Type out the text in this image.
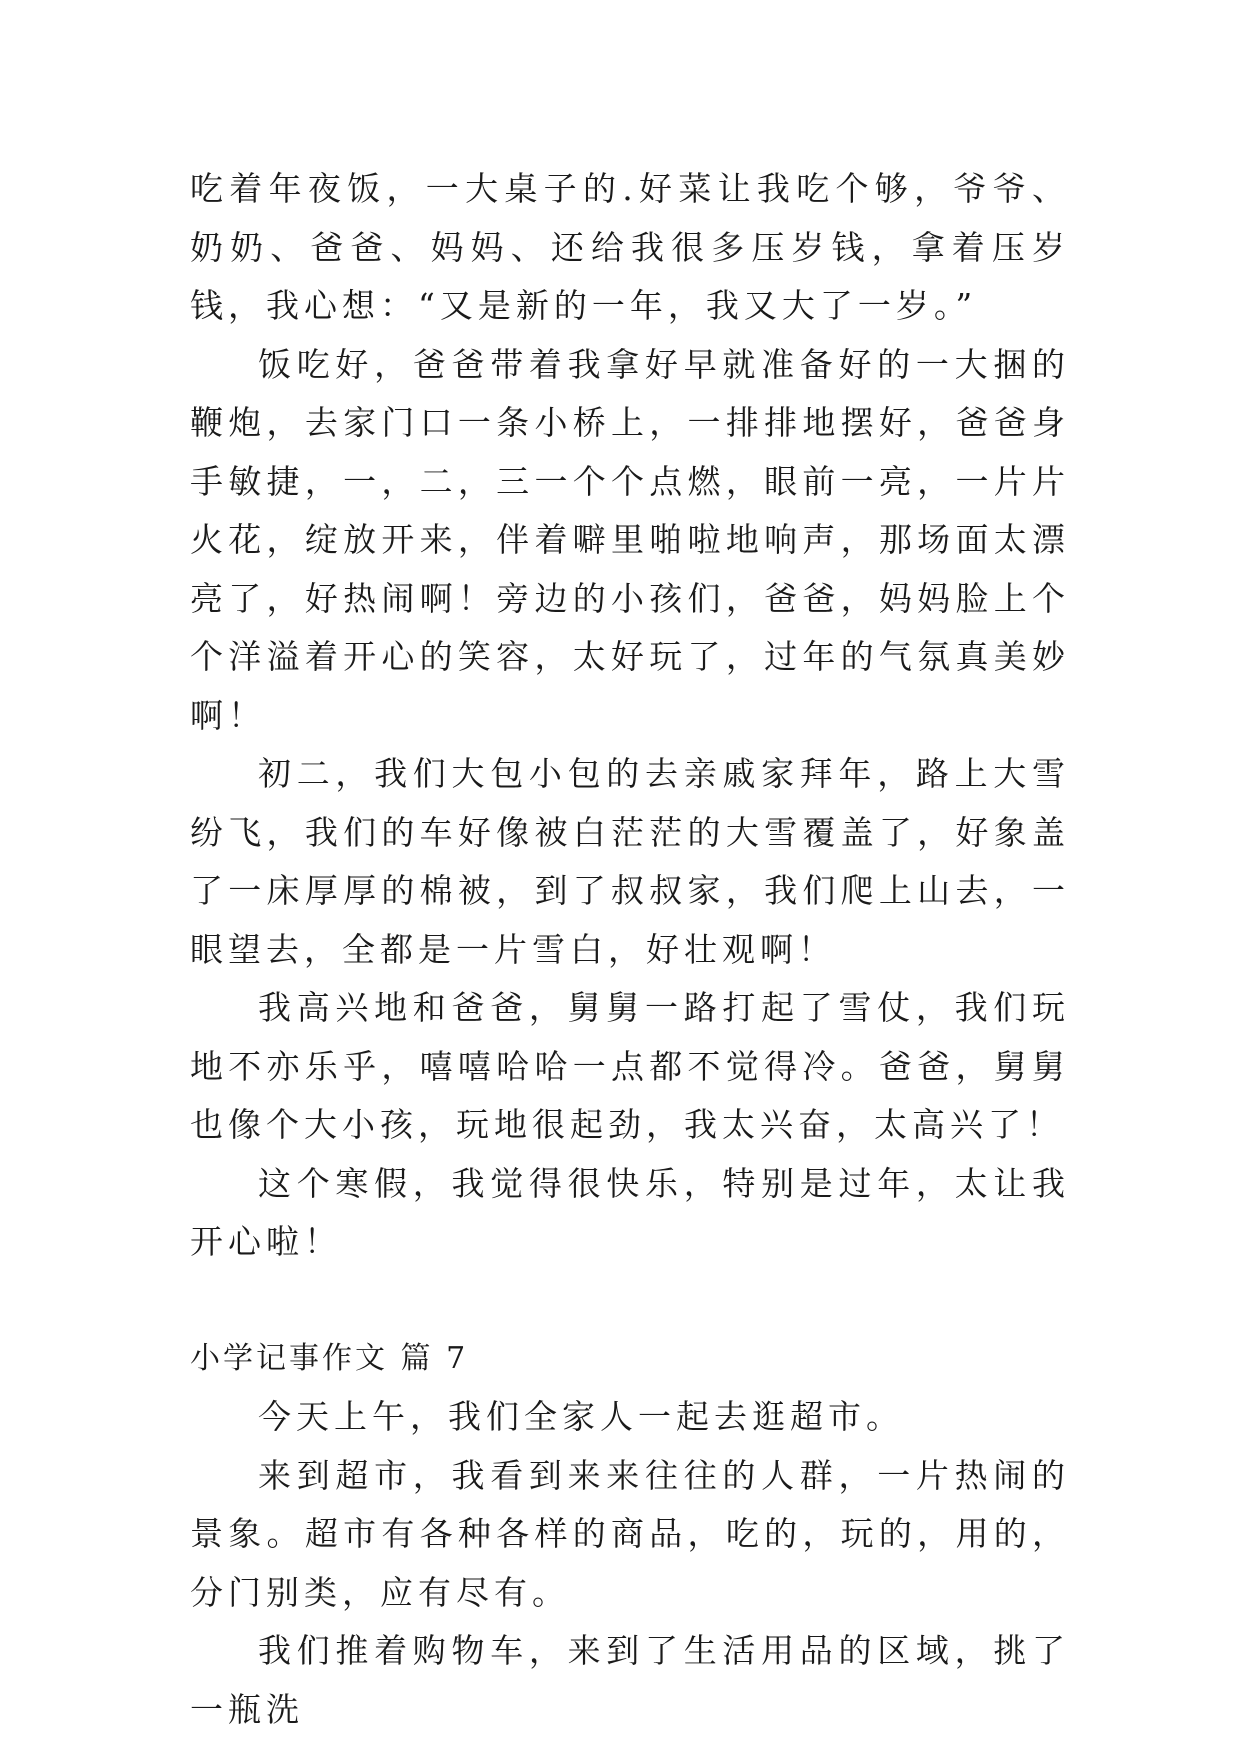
吃着年夜饭，一大桌子的.好菜让我吃个够，爷爷、奶奶、爸爸、妈妈、还给我很多压岁钱，拿着压岁钱，我心想：“又是新的一年，我又大了一岁。”

饭吃好，爸爸带着我拿好早就准备好的一大捆的鞭炮，去家门口一条小桥上，一排排地摆好，爸爸身手敏捷，一，二，三一个个点燃，眼前一亮，一片片火花，绽放开来，伴着噼里啪啦地响声，那场面太漂亮了，好热闹啊！旁边的小孩们，爸爸，妈妈脸上个个洋溢着开心的笑容，太好玩了，过年的气氛真美妙啊！

初二，我们大包小包的去亲戚家拜年，路上大雪纷飞，我们的车好像被白茫茫的大雪覆盖了，好象盖了一床厚厚的棉被，到了叔叔家，我们爬上山去，一眼望去，全都是一片雪白，好壮观啊！

我高兴地和爸爸，舅舅一路打起了雪仗，我们玩地不亦乐乎，嘻嘻哈哈一点都不觉得冷。爸爸，舅舅也像个大小孩，玩地很起劲，我太兴奋，太高兴了！

这个寒假，我觉得很快乐，特别是过年，太让我开心啦！

小学记事作文 篇 7

今天上午，我们全家人一起去逛超市。

来到超市，我看到来来往往的人群，一片热闹的景象。超市有各种各样的商品，吃的，玩的，用的，分门别类，应有尽有。

我们推着购物车，来到了生活用品的区域，挑了一瓶洗
